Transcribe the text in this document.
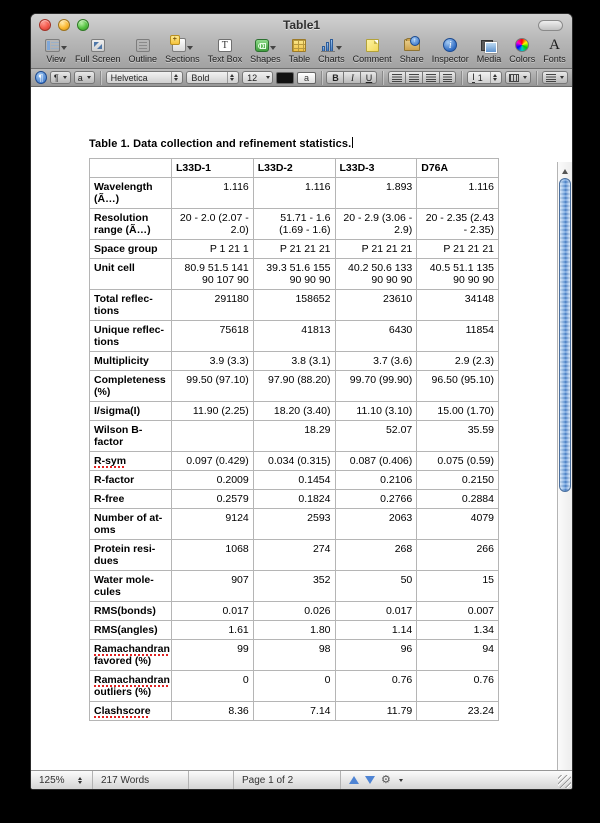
Table1
View Full Screen Outline
+ Sections
T
Text Box Shapes Table Charts Comment
↑ Share
i
Inspector Media Colors
A
Fonts
¶	¶ a	Helvetica	Bold	12	a	B	I	U	I 1
Table 1. Data collection and refinement statistics.
	L33D-1	L33D-2	L33D-3	D76A
Wavelength
(Ã…)	1.116	1.116	1.893	1.116
Resolution
range (Ã…)	20 - 2.0 (2.07 - 2.0)	51.71 - 1.6 (1.69 - 1.6)	20 - 2.9 (3.06 - 2.9)	20 - 2.35 (2.43 - 2.35)
Space group	P 1 21 1	P 21 21 21	P 21 21 21	P 21 21 21
Unit cell	80.9 51.5 141 90 107 90	39.3 51.6 155 90 90 90	40.2 50.6 133 90 90 90	40.5 51.1 135 90 90 90
Total reflec-
tions	291180	158652	23610	34148
Unique reflec-
tions	75618	41813	6430	11854
Multiplicity	3.9 (3.3)	3.8 (3.1)	3.7 (3.6)	2.9 (2.3)
Completeness
(%)	99.50 (97.10)	97.90 (88.20)	99.70 (99.90)	96.50 (95.10)
I/sigma(I)	11.90 (2.25)	18.20 (3.40)	11.10 (3.10)	15.00 (1.70)
Wilson B-
factor		18.29	52.07	35.59
R-sym	0.097 (0.429)	0.034 (0.315)	0.087 (0.406)	0.075 (0.59)
R-factor	0.2009	0.1454	0.2106	0.2150
R-free	0.2579	0.1824	0.2766	0.2884
Number of at-
oms	9124	2593	2063	4079
Protein resi-
dues	1068	274	268	266
Water mole-
cules	907	352	50	15
RMS(bonds)	0.017	0.026	0.017	0.007
RMS(angles)	1.61	1.80	1.14	1.34
Ramachandran
favored (%)	99	98	96	94
Ramachandran
outliers (%)	0	0	0.76	0.76
Clashscore	8.36	7.14	11.79	23.24
125%	217 Words	Page 1 of 2	⚙
